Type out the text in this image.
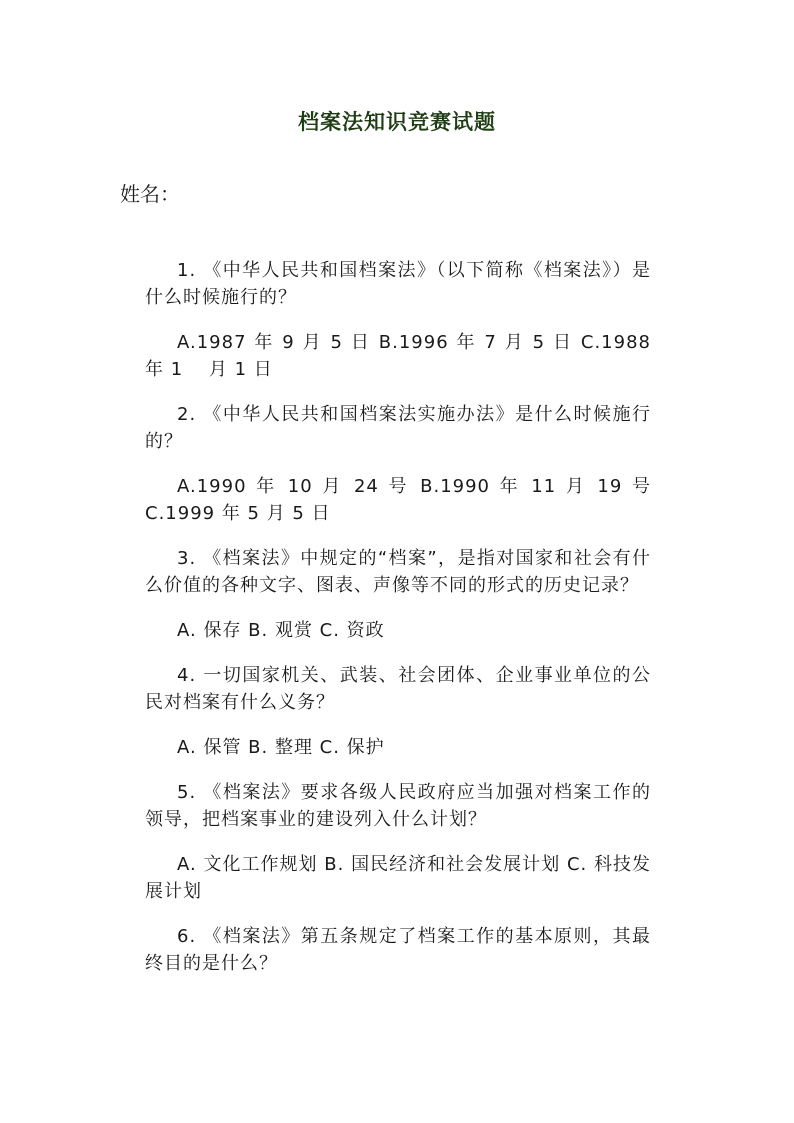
档案法知识竞赛试题
姓名：

1. 《中华人民共和国档案法》（以下简称《档案法》）是什么时候施行的？

A.1987 年 9 月 5 日 B.1996 年 7 月 5 日 C.1988 年 1　 月 1 日

2. 《中华人民共和国档案法实施办法》是什么时候施行的？

A.1990 年 10 月 24 号 B.1990 年 11 月 19 号 C.1999 年 5 月 5 日

3. 《档案法》中规定的“档案”，是指对国家和社会有什么价值的各种文字、图表、声像等不同的形式的历史记录？

A. 保存 B. 观赏 C. 资政

4. 一切国家机关、武装、社会团体、企业事业单位的公民对档案有什么义务？

A. 保管 B. 整理 C. 保护

5. 《档案法》要求各级人民政府应当加强对档案工作的领导，把档案事业的建设列入什么计划？

A. 文化工作规划 B. 国民经济和社会发展计划 C. 科技发展计划

6. 《档案法》第五条规定了档案工作的基本原则，其最终目的是什么？
